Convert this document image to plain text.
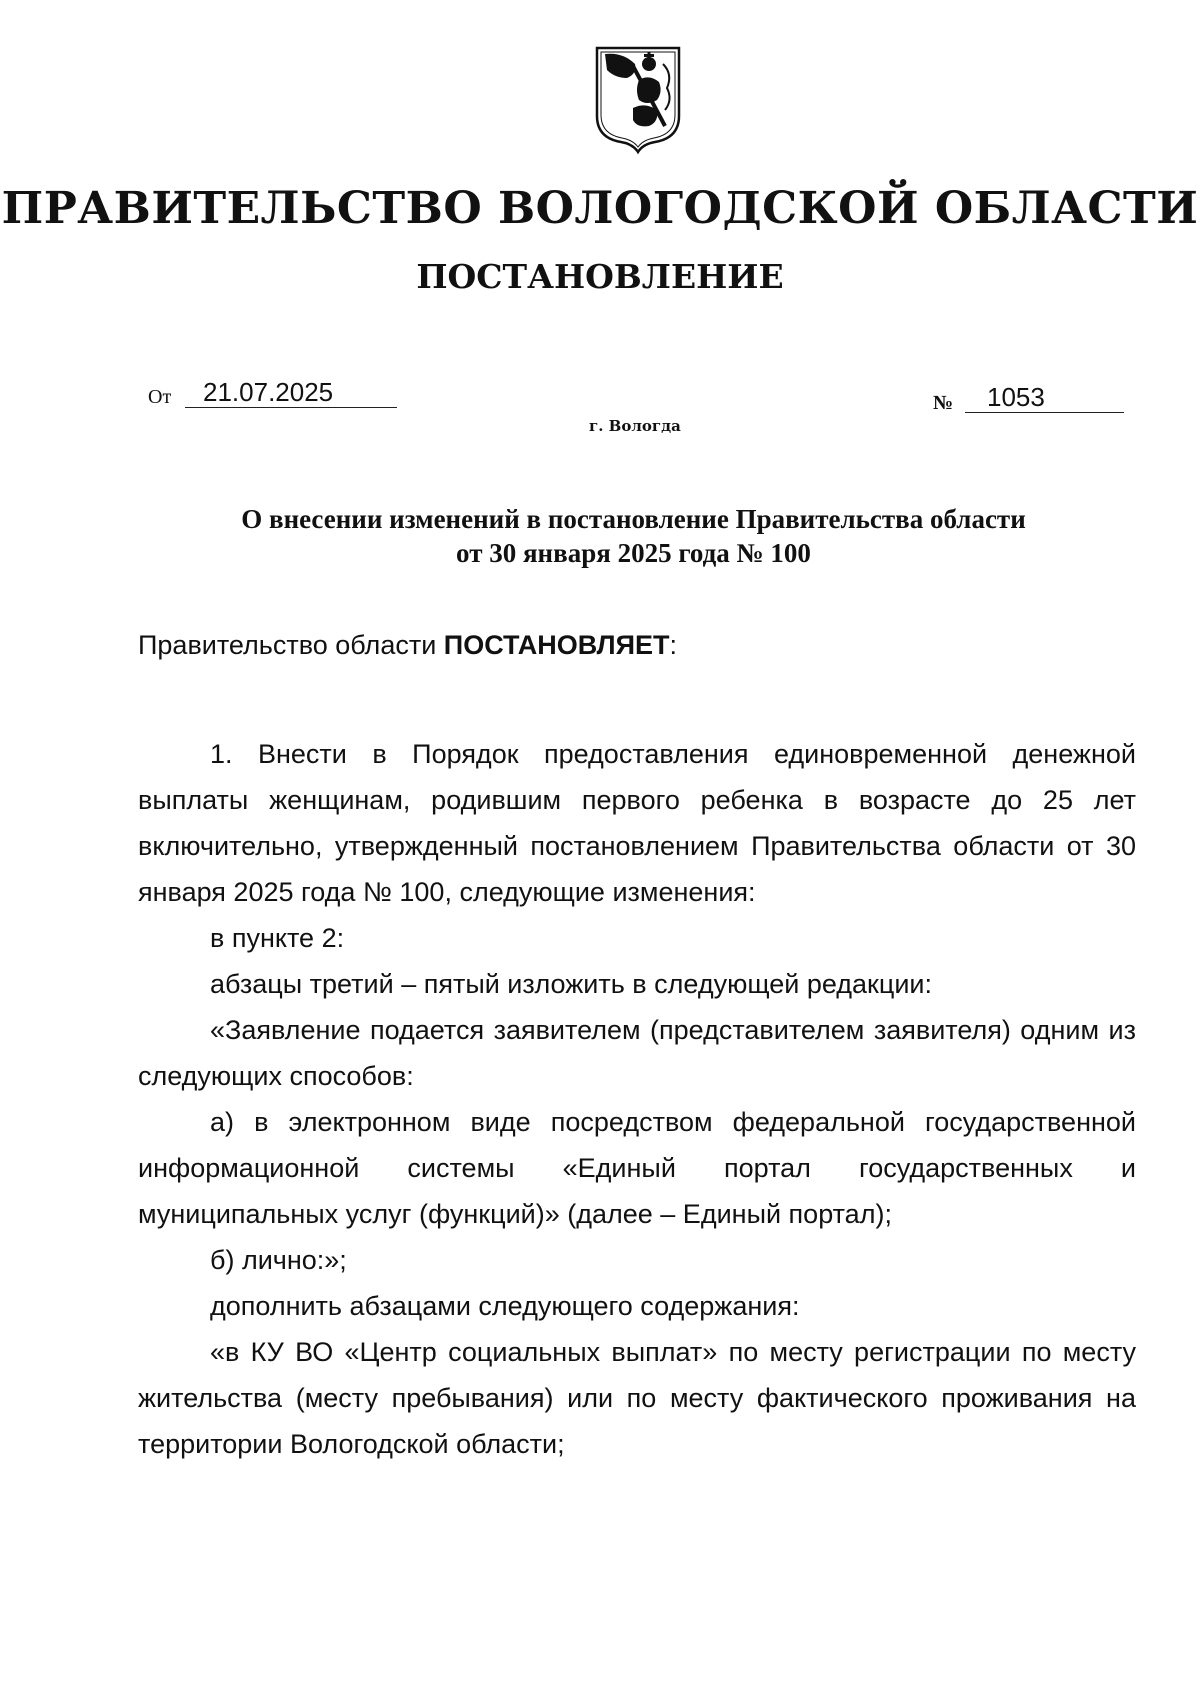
ПРАВИТЕЛЬСТВО ВОЛОГОДСКОЙ ОБЛАСТИ
ПОСТАНОВЛЕНИЕ
От	21.07.2025	№	1053
г. Вологда
О внесении изменений в постановление Правительства области
от 30 января 2025 года № 100
Правительство области ПОСТАНОВЛЯЕТ:

1. Внести в Порядок предоставления единовременной денежной выплаты женщинам, родившим первого ребенка в возрасте до 25 лет включительно, утвержденный постановлением Правительства области от 30 января 2025 года № 100, следующие изменения:

в пункте 2:

абзацы третий – пятый изложить в следующей редакции:

«Заявление подается заявителем (представителем заявителя) одним из следующих способов:

а) в электронном виде посредством федеральной государственной информационной системы «Единый портал государственных и муниципальных услуг (функций)» (далее – Единый портал);

б) лично:»;

дополнить абзацами следующего содержания:

«в КУ ВО «Центр социальных выплат» по месту регистрации по месту жительства (месту пребывания) или по месту фактического проживания на территории Вологодской области;
